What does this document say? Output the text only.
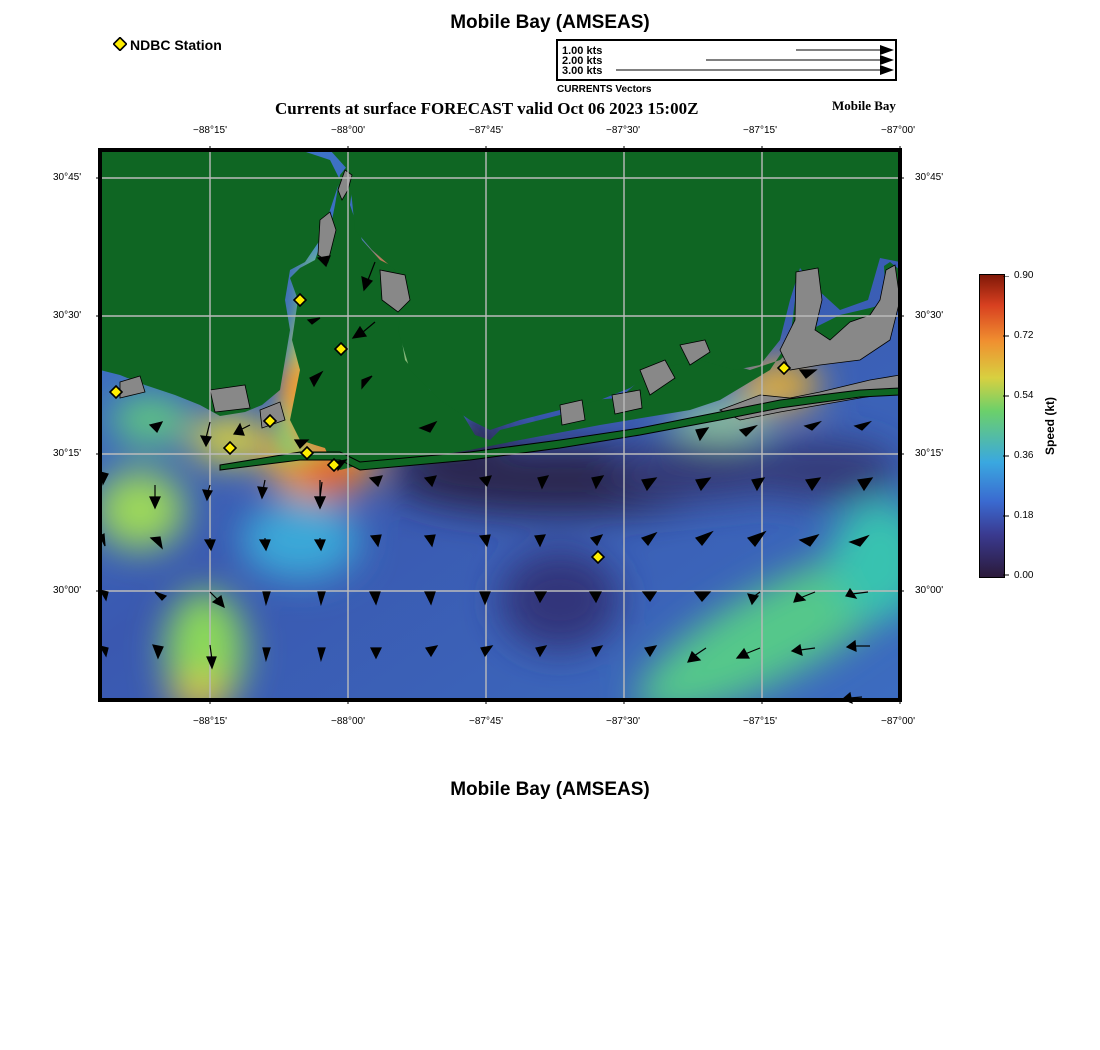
Mobile Bay (AMSEAS)
NDBC Station	1.00 kts
2.00 kts
3.00 kts
CURRENTS Vectors
Currents at surface FORECAST valid Oct 06 2023 15:00Z	Mobile Bay
−88°15'	−88°00'	−87°45'	−87°30'	−87°15'	−87°00'
−88°15'	−88°00'	−87°45'	−87°30'	−87°15'	−87°00'
30°45'
30°30'
30°15'
30°00'
30°45'
30°30'
30°15'
30°00'
0.90
0.72
0.54
0.36
0.18
0.00
Speed (kt)
Mobile Bay (AMSEAS)
